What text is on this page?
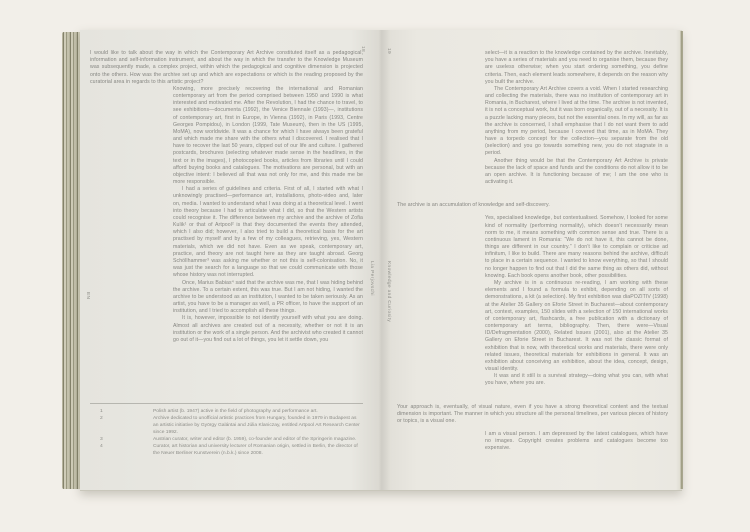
I would like to talk about the way in which the Contemporary Art Archive constituted itself as a pedagogical, information and self-information instrument, and about the way in which the transfer to the Knowledge Museum was subsequently made, a complex project, within which the pedagogical and cognitive dimension is projected onto the others. How was the archive set up and which are expectations or which is the reading proposed by the curatorial area in regards to this artistic project?

Knowing, more precisely recovering the international and Romanian contemporary art from the period comprised between 1950 and 1990 is what interested and motivated me. After the Revolution, I had the chance to travel, to see exhibitions—documenta (1992), the Venice Biennale (1993)—, institutions of contemporary art, first in Europe, in Vienna (1992), in Paris (1993, Centre Georges Pompidou), in London (1999, Tate Museum), then in the US (1995, MoMA), now worldwide. It was a chance for which I have always been grateful and which made me share with the others what I discovered. I realised that I have to recover the last 50 years, clipped out of our life and culture. I gathered postcards, brochures (selecting whatever made sense in the headlines, in the text or in the images), I photocopied books, articles from libraries until I could afford buying books and catalogues. The motivations are personal, but with an objective intent: I believed all that was not only for me, and this made me be more responsible.

I had a series of guidelines and criteria. First of all, I started with what I unknowingly practised—performance art, installations, photo-video and, later on, media. I wanted to understand what I was doing at a theoretical level. I went into theory because I had to articulate what I did, so that the Western artists could recognise it. The difference between my archive and the archive of Zofia Kulik¹ or that of Artpool² is that they documented the events they attended, which I also did; however, I also tried to build a theoretical basis for the art practised by myself and by a few of my colleagues, retrieving, yes, Western materials, which we did not have. Even as we speak, contemporary art, practice, and theory are not taught here as they are taught abroad. Georg Schöllhammer³ was asking me whether or not this is self-colonisation. No, it was just the search for a language so that we could communicate with those whose history was not interrupted.

Once, Marius Babias⁴ said that the archive was me, that I was hiding behind the archive. To a certain extent, this was true. But I am not hiding, I wanted the archive to be understood as an institution, I wanted to be taken seriously. As an artist, you have to be a manager as well, a PR officer, to have the support of an institution, and I tried to accomplish all these things.

It is, however, impossible to not identify yourself with what you are doing. Almost all archives are created out of a necessity, whether or not it is an institution or the work of a single person. And the archivist who created it cannot go out of it—you find out a lot of things, you let it settle down, you

1	Polish artist (b. 1947) active in the field of photography and performance art.
2	Archive dedicated to unofficial artistic practices from Hungary, founded in 1979 in Budapest as an artistic initiative by György Galántai and Júlia Klaniczay, entitled Artpool Art Research Center since 1992.
3	Austrian curator, writer and editor (b. 1959), co-founder and editor of the Springerin magazine.
4	Curator, art historian and university lecturer of Romanian origin, settled in Berlin, the director of the Neuer Berliner Kunstverein (n.b.k.) since 2008.
EN
18
Lia Perjovschi
19
Knowledge and Curiosity

select—it is a reaction to the knowledge contained by the archive. Inevitably, you have a series of materials and you need to organise them, because they are useless otherwise; when you start ordering something, you define criteria. Then, each element leads somewhere, it depends on the reason why you built the archive.

The Contemporary Art Archive covers a void. When I started researching and collecting the materials, there was no institution of contemporary art in Romania, in Bucharest, where I lived at the time. The archive is not invented, it is not a conceptual work, but it was born organically, out of a necessity. It is a puzzle lacking many pieces, but not the essential ones. In my will, as far as the archive is concerned, I shall emphasise that I do not want them to add anything from my period, because I covered that time, as in MoMA. They have a torpedo concept for the collection—you separate from the old (selection) and you go towards something new, you do not stagnate in a period.

Another thing would be that the Contemporary Art Archive is private because the lack of space and funds and the conditions do not allow it to be an open archive. It is functioning because of me; I am the one who is activating it.

The archive is an accumulation of knowledge and self-discovery.

Yes, specialised knowledge, but contextualised. Somehow, I looked for some kind of normality (performing normality), which doesn’t necessarily mean norm to me, it means something with common sense and true. There is a continuous lament in Romania: “We do not have it, this cannot be done, things are different in our country.” I don’t like to complain or criticise ad infinitum, I like to build. There are many reasons behind the archive, difficult to place in a certain sequence. I wanted to know everything, so that I should no longer happen to find out that I did the same thing as others did, without knowing. Each book opens another book, other possibilities.

My archive is in a continuous re-reading, I am working with these elements and I found a formula to exhibit, depending on all sorts of demonstrations, a kit (a selection). My first exhibition was diaPOZITIV (1998) at the Atelier 35 Gallery on Eforie Street in Bucharest—about contemporary art, context, examples, 150 slides with a selection of 150 international works of contemporary art, flashcards, a free publication with a dictionary of contemporary art terms, bibliography. Then, there were—Visual ID/Defragmentation (2000), Related Issues (2001), also at the Atelier 35 Gallery on Eforie Street in Bucharest. It was not the classic format of exhibition that is now, with theoretical works and materials, there were only related issues, theoretical materials for exhibitions in general. It was an exhibition about conceiving an exhibition, about the idea, concept, design, visual identity.

It was and it still is a survival strategy—doing what you can, with what you have, where you are.

Your approach is, eventually, of visual nature, even if you have a strong theoretical content and the textual dimension is important. The manner in which you structure all the personal timelines, per various pieces of history or topics, is a visual one.

I am a visual person. I am depressed by the latest catalogues, which have no images. Copyright creates problems and catalogues become too expensive.
